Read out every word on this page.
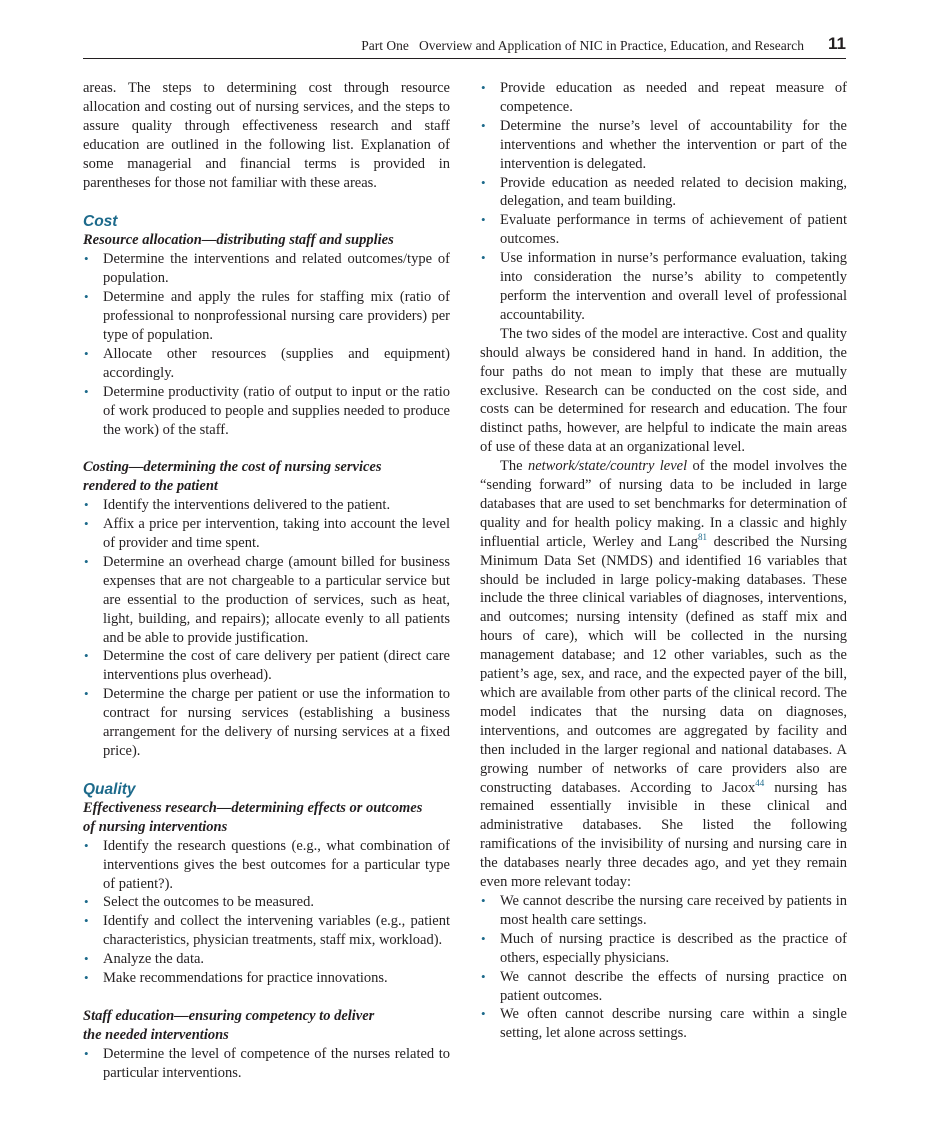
Part One   Overview and Application of NIC in Practice, Education, and Research 11

areas. The steps to determining cost through resource allocation and costing out of nursing services, and the steps to assure quality through effectiveness research and staff education are outlined in the following list. Explanation of some managerial and financial terms is provided in parentheses for those not familiar with these areas.

Cost

Resource allocation—distributing staff and supplies

• Determine the interventions and related outcomes/type of population.
• Determine and apply the rules for staffing mix (ratio of professional to nonprofessional nursing care providers) per type of population.
• Allocate other resources (supplies and equipment) accordingly.
• Determine productivity (ratio of output to input or the ratio of work produced to people and supplies needed to produce the work) of the staff.

Costing—determining the cost of nursing services

rendered to the patient

• Identify the interventions delivered to the patient.
• Affix a price per intervention, taking into account the level of provider and time spent.
• Determine an overhead charge (amount billed for business expenses that are not chargeable to a particular service but are essential to the production of services, such as heat, light, building, and repairs); allocate evenly to all patients and be able to provide justification.
• Determine the cost of care delivery per patient (direct care interventions plus overhead).
• Determine the charge per patient or use the information to contract for nursing services (establishing a business arrangement for the delivery of nursing services at a fixed price).

Quality

Effectiveness research—determining effects or outcomes

of nursing interventions

• Identify the research questions (e.g., what combination of interventions gives the best outcomes for a particular type of patient?).
• Select the outcomes to be measured.
• Identify and collect the intervening variables (e.g., patient characteristics, physician treatments, staff mix, workload).
• Analyze the data.
• Make recommendations for practice innovations.

Staff education—ensuring competency to deliver

the needed interventions

• Determine the level of competence of the nurses related to particular interventions.
• Provide education as needed and repeat measure of competence.
• Determine the nurse’s level of accountability for the interventions and whether the intervention or part of the intervention is delegated.
• Provide education as needed related to decision making, delegation, and team building.
• Evaluate performance in terms of achievement of patient outcomes.
• Use information in nurse’s performance evaluation, taking into consideration the nurse’s ability to competently perform the intervention and overall level of professional accountability.

The two sides of the model are interactive. Cost and quality should always be considered hand in hand. In addition, the four paths do not mean to imply that these are mutually exclusive. Research can be conducted on the cost side, and costs can be determined for research and education. The four distinct paths, however, are helpful to indicate the main areas of use of these data at an organizational level.

The network/state/country level of the model involves the “sending forward” of nursing data to be included in large databases that are used to set benchmarks for determination of quality and for health policy making. In a classic and highly influential article, Werley and Lang$^{81}$ described the Nursing Minimum Data Set (NMDS) and identified 16 variables that should be included in large policy-making databases. These include the three clinical variables of diagnoses, interventions, and outcomes; nursing intensity (defined as staff mix and hours of care), which will be collected in the nursing management database; and 12 other variables, such as the patient’s age, sex, and race, and the expected payer of the bill, which are available from other parts of the clinical record. The model indicates that the nursing data on diagnoses, interventions, and outcomes are aggregated by facility and then included in the larger regional and national databases. A growing number of networks of care providers also are constructing databases. According to Jacox$^{44}$ nursing has remained essentially invisible in these clinical and administrative databases. She listed the following ramifications of the invisibility of nursing and nursing care in the databases nearly three decades ago, and yet they remain even more relevant today:

• We cannot describe the nursing care received by patients in most health care settings.
• Much of nursing practice is described as the practice of others, especially physicians.
• We cannot describe the effects of nursing practice on patient outcomes.
• We often cannot describe nursing care within a single setting, let alone across settings.
